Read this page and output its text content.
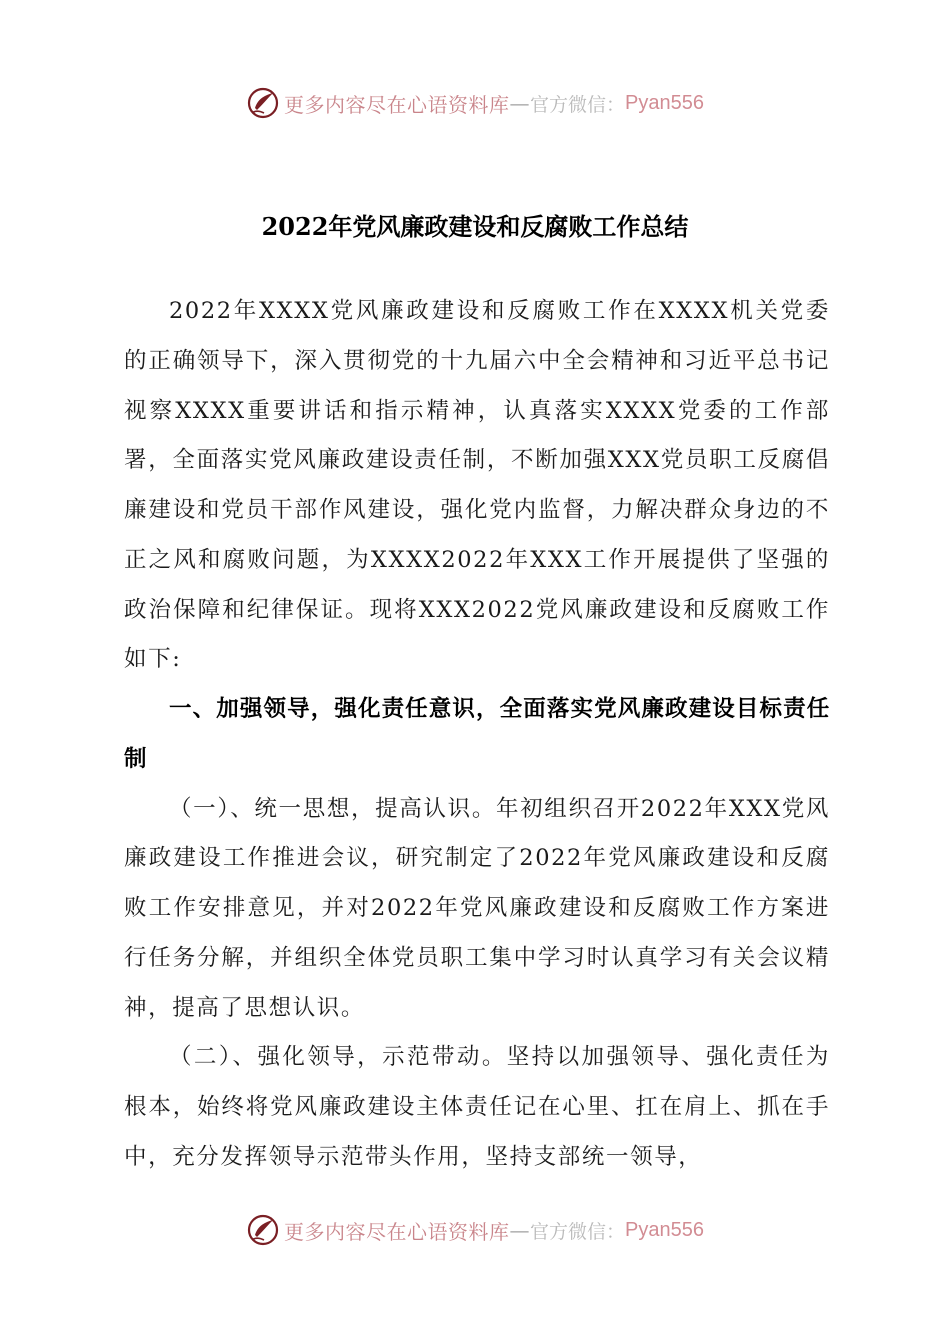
更多内容尽在心语资料库 — 官方微信： Pyan556
2022年党风廉政建设和反腐败工作总结

2022年XXXX党风廉政建设和反腐败工作在XXXX机关党委的正确领导下，深入贯彻党的十九届六中全会精神和习近平总书记视察XXXX重要讲话和指示精神，认真落实XXXX党委的工作部署，全面落实党风廉政建设责任制，不断加强XXX党员职工反腐倡廉建设和党员干部作风建设，强化党内监督，力解决群众身边的不正之风和腐败问题，为XXXX2022年XXX工作开展提供了坚强的政治保障和纪律保证。现将XXX2022党风廉政建设和反腐败工作如下:

一、加强领导，强化责任意识，全面落实党风廉政建设目标责任制

（一）、统一思想，提高认识。年初组织召开2022年XXX党风廉政建设工作推进会议，研究制定了2022年党风廉政建设和反腐败工作安排意见，并对2022年党风廉政建设和反腐败工作方案进行任务分解，并组织全体党员职工集中学习时认真学习有关会议精神，提高了思想认识。

（二）、强化领导，示范带动。坚持以加强领导、强化责任为根本，始终将党风廉政建设主体责任记在心里、扛在肩上、抓在手中，充分发挥领导示范带头作用，坚持支部统一领导，

更多内容尽在心语资料库 — 官方微信： Pyan556
